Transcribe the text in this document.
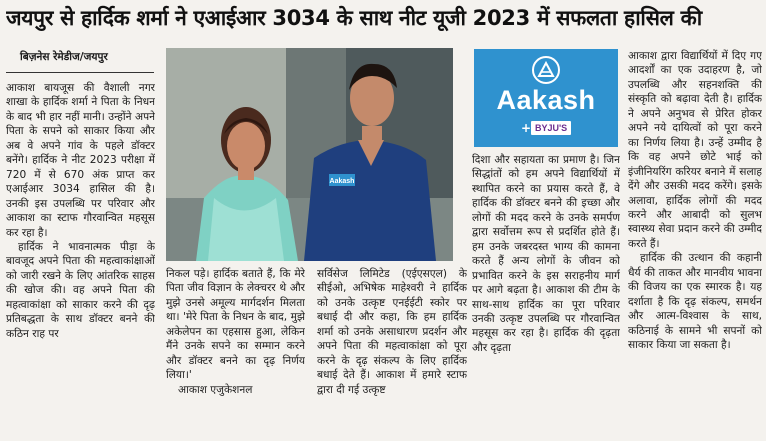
जयपुर से हार्दिक शर्मा ने एआईआर 3034 के साथ नीट यूजी 2023 में सफलता हासिल की
बिज़नेस रेमेडीज/जयपुर

आकाश बायजूस की वैशाली नगर शाखा के हार्दिक शर्मा ने पिता के निधन के बाद भी हार नहीं मानी। उन्होंने अपने पिता के सपने को साकार किया और अब वे अपने गांव के पहले डॉक्टर बनेंगे। हार्दिक ने नीट 2023 परीक्षा में 720 में से 670 अंक प्राप्त कर एआईआर 3034 हासिल की है। उनकी इस उपलब्धि पर परिवार और आकाश का स्टाफ गौरवान्वित महसूस कर रहा है।

हार्दिक ने भावनात्मक पीड़ा के बावजूद अपने पिता की महत्वाकांक्षाओं को जारी रखने के लिए आंतरिक साहस की खोज की। वह अपने पिता की महत्वाकांक्षा को साकार करने की दृढ़ प्रतिबद्धता के साथ डॉक्टर बनने की कठिन राह पर

Aakash
Aakash
+ BYJU'S

निकल पड़े। हार्दिक बताते हैं, कि मेरे पिता जीव विज्ञान के लेक्चरर थे और मुझे उनसे अमूल्य मार्गदर्शन मिलता था। 'मेरे पिता के निधन के बाद, मुझे अकेलेपन का एहसास हुआ, लेकिन मैंने उनके सपने का सम्मान करने और डॉक्टर बनने का दृढ़ निर्णय लिया।'

आकाश एजुकेशनल

सर्विसेज लिमिटेड (एईएसएल) के सीईओ, अभिषेक माहेश्वरी ने हार्दिक को उनके उत्कृष्ट एनईईटी स्कोर पर बधाई दी और कहा, कि हम हार्दिक शर्मा को उनके असाधारण प्रदर्शन और अपने पिता की महत्वाकांक्षा को पूरा करने के दृढ़ संकल्प के लिए हार्दिक बधाई देते हैं। आकाश में हमारे स्टाफ द्वारा दी गई उत्कृष्ट

दिशा और सहायता का प्रमाण है। जिन सिद्धांतों को हम अपने विद्यार्थियों में स्थापित करने का प्रयास करते हैं, वे हार्दिक की डॉक्टर बनने की इच्छा और लोगों की मदद करने के उनके समर्पण द्वारा सर्वोत्तम रूप से प्रदर्शित होते हैं। हम उनके जबरदस्त भाग्य की कामना करते हैं अन्य लोगों के जीवन को प्रभावित करने के इस सराहनीय मार्ग पर आगे बढ़ता है। आकाश की टीम के साथ-साथ हार्दिक का पूरा परिवार उनकी उत्कृष्ट उपलब्धि पर गौरवान्वित महसूस कर रहा है। हार्दिक की दृढ़ता और दृढ़ता

आकाश द्वारा विद्यार्थियों में दिए गए आदर्शों का एक उदाहरण है, जो उपलब्धि और सहनशक्ति की संस्कृति को बढ़ावा देती है। हार्दिक ने अपने अनुभव से प्रेरित होकर अपने नये दायित्वों को पूरा करने का निर्णय लिया है। उन्हें उम्मीद है कि वह अपने छोटे भाई को इंजीनियरिंग करियर बनाने में सलाह देंगे और उसकी मदद करेंगे। इसके अलावा, हार्दिक लोगों की मदद करने और आबादी को सुलभ स्वास्थ्य सेवा प्रदान करने की उम्मीद करते हैं।

हार्दिक की उत्थान की कहानी धैर्य की ताकत और मानवीय भावना की विजय का एक स्मारक है। यह दर्शाता है कि दृढ़ संकल्प, समर्थन और आत्म-विश्वास के साथ, कठिनाई के सामने भी सपनों को साकार किया जा सकता है।
